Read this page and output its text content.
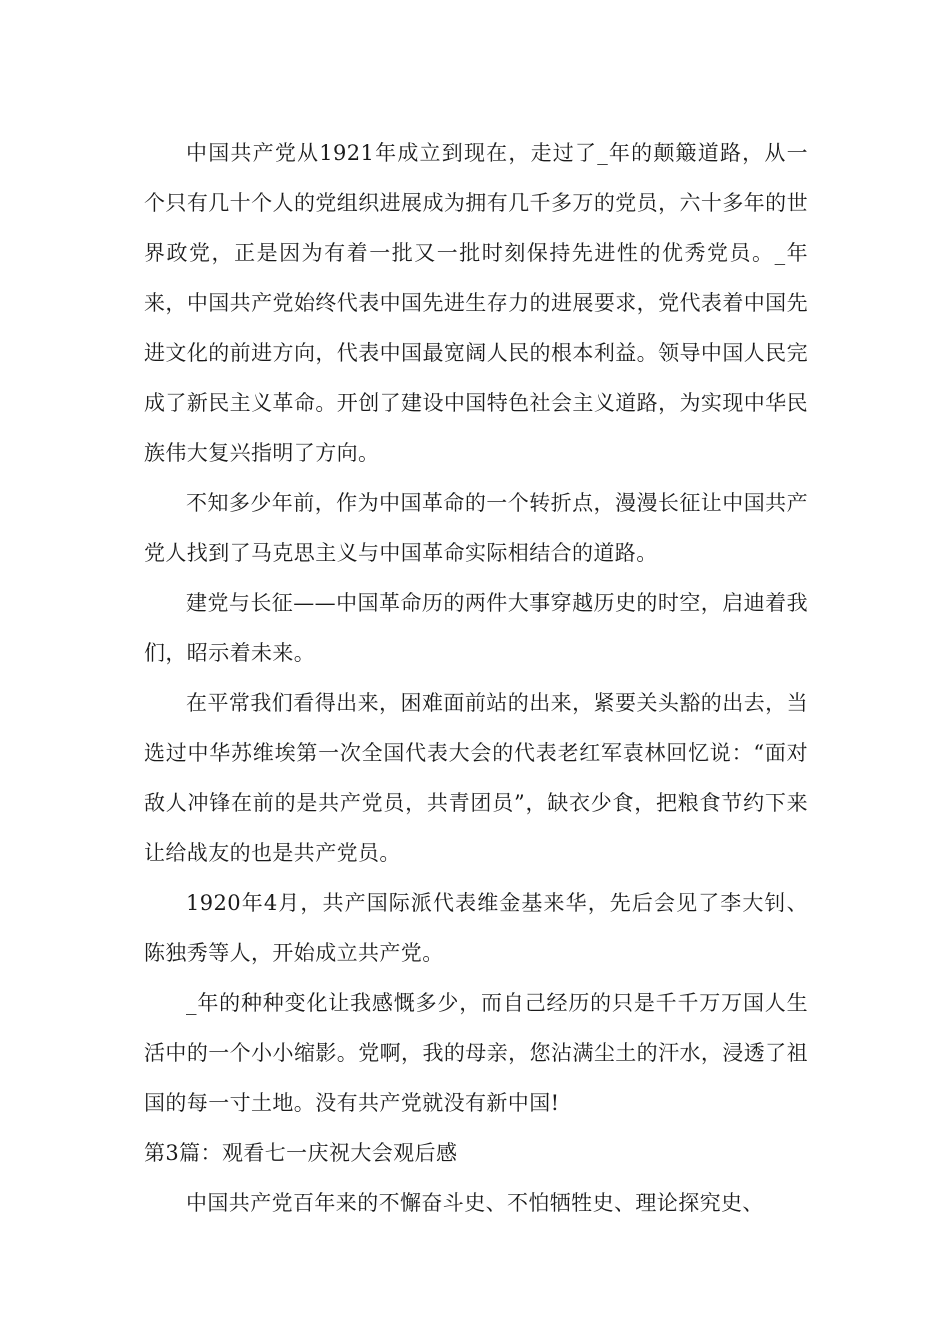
中国共产党从1921年成立到现在，走过了_年的颠簸道路，从一个只有几十个人的党组织进展成为拥有几千多万的党员，六十多年的世界政党，正是因为有着一批又一批时刻保持先进性的优秀党员。_年来，中国共产党始终代表中国先进生存力的进展要求，党代表着中国先进文化的前进方向，代表中国最宽阔人民的根本利益。领导中国人民完成了新民主义革命。开创了建设中国特色社会主义道路，为实现中华民族伟大复兴指明了方向。

不知多少年前，作为中国革命的一个转折点，漫漫长征让中国共产党人找到了马克思主义与中国革命实际相结合的道路。

建党与长征——中国革命历的两件大事穿越历史的时空，启迪着我们，昭示着未来。

在平常我们看得出来，困难面前站的出来，紧要关头豁的出去，当选过中华苏维埃第一次全国代表大会的代表老红军袁林回忆说：“面对敌人冲锋在前的是共产党员，共青团员”，缺衣少食，把粮食节约下来让给战友的也是共产党员。

1920年4月，共产国际派代表维金基来华，先后会见了李大钊、陈独秀等人，开始成立共产党。

_年的种种变化让我感慨多少，而自己经历的只是千千万万国人生活中的一个小小缩影。党啊，我的母亲，您沾满尘土的汗水，浸透了祖国的每一寸土地。没有共产党就没有新中国!

第3篇：观看七一庆祝大会观后感

中国共产党百年来的不懈奋斗史、不怕牺牲史、理论探究史、
